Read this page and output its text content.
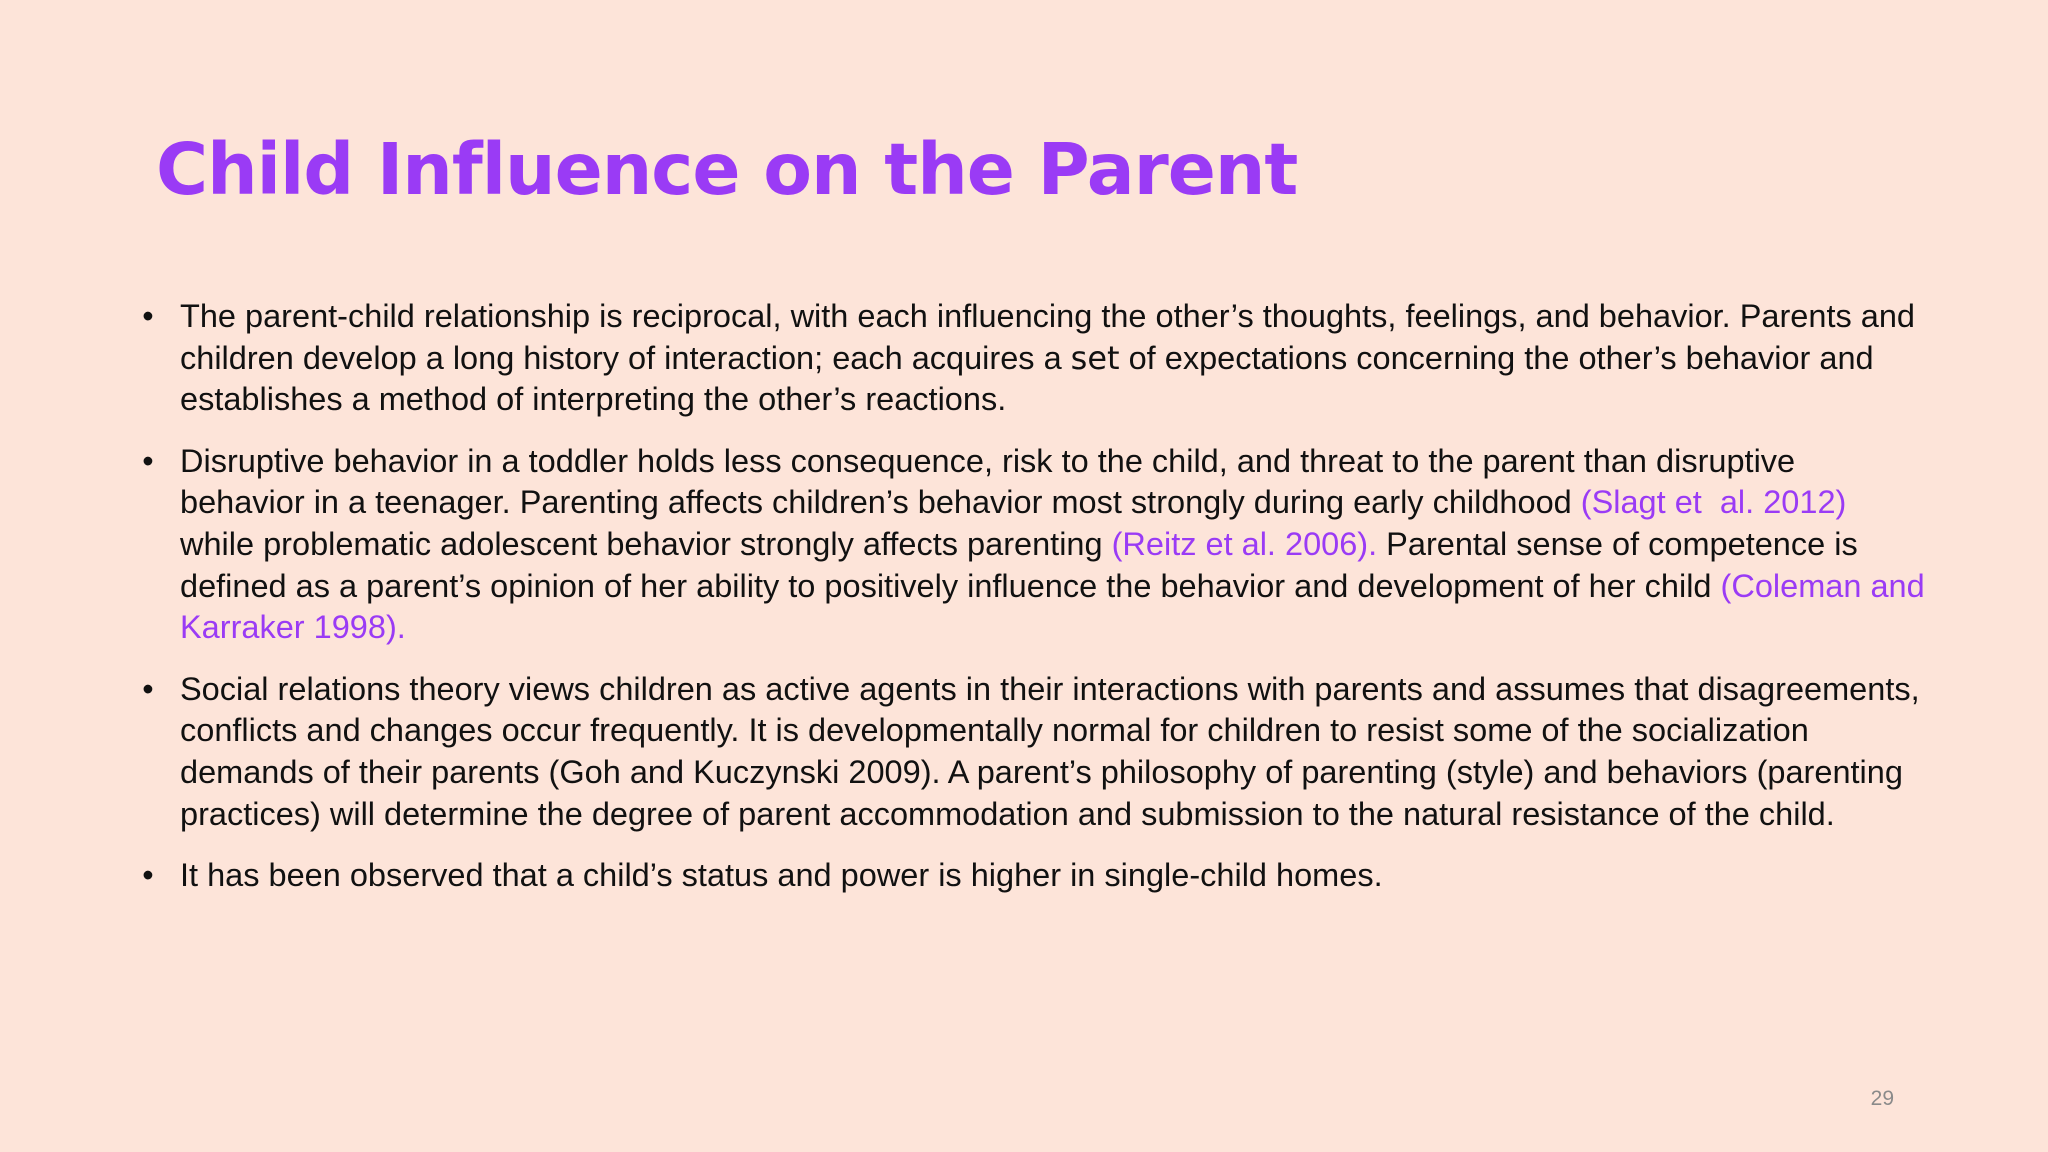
Child Influence on the Parent
• The parent-child relationship is reciprocal, with each influencing the other’s thoughts, feelings, and behavior. Parents and children develop a long history of interaction; each acquires a set of expectations concerning the other’s behavior and establishes a method of interpreting the other’s reactions.
• Disruptive behavior in a toddler holds less consequence, risk to the child, and threat to the parent than disruptive behavior in a teenager. Parenting affects children’s behavior most strongly during early childhood (Slagt et  al. 2012) while problematic adolescent behavior strongly affects parenting (Reitz et al. 2006). Parental sense of competence is defined as a parent’s opinion of her ability to positively influence the behavior and development of her child (Coleman and Karraker 1998).
• Social relations theory views children as active agents in their interactions with parents and assumes that disagreements, conflicts and changes occur frequently. It is developmentally normal for children to resist some of the socialization demands of their parents (Goh and Kuczynski 2009). A parent’s philosophy of parenting (style) and behaviors (parenting practices) will determine the degree of parent accommodation and submission to the natural resistance of the child.
• It has been observed that a child’s status and power is higher in single-child homes.
29
